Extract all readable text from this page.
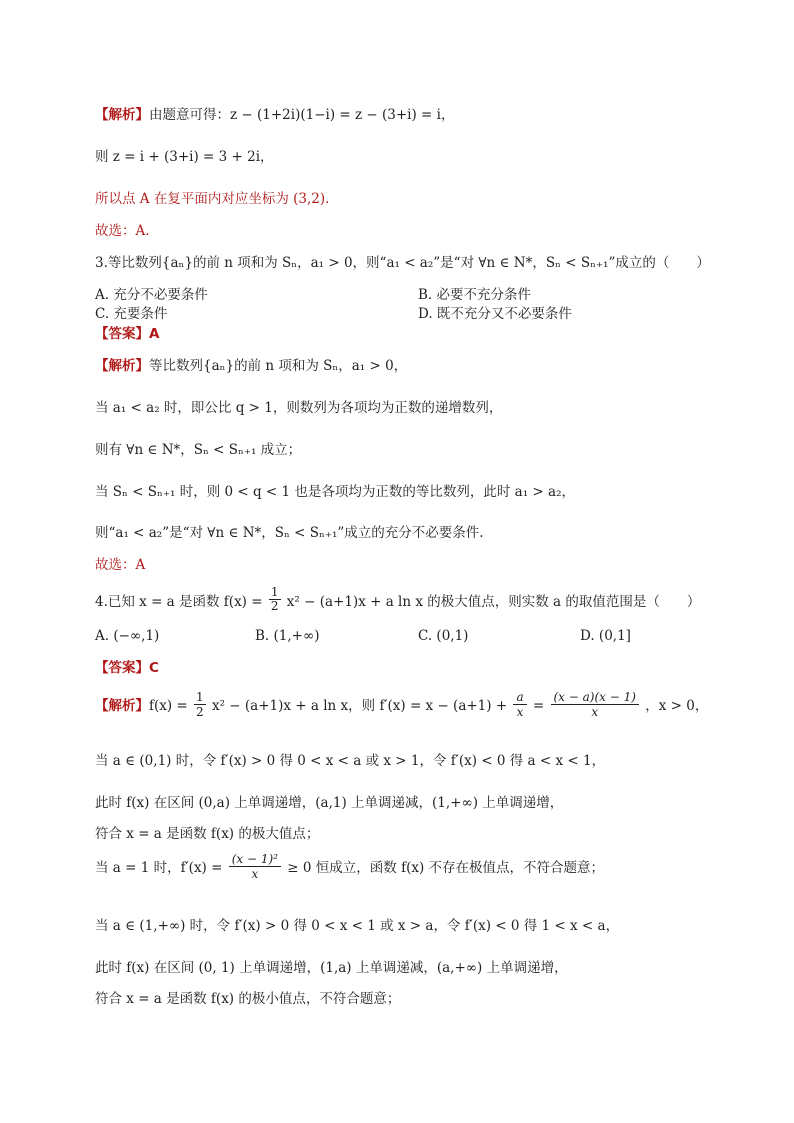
【解析】由题意可得：z − (1+2i)(1−i) = z − (3+i) = i，
则 z = i + (3+i) = 3 + 2i，
所以点 A 在复平面内对应坐标为 (3,2)．
故选：A.
3.等比数列{aₙ}的前 n 项和为 Sₙ，a₁ > 0，则“a₁ < a₂”是“对 ∀n ∈ N*，Sₙ < Sₙ₊₁”成立的（　　）
A. 充分不必要条件	B. 必要不充分条件
C. 充要条件	D. 既不充分又不必要条件
【答案】A
【解析】等比数列{aₙ}的前 n 项和为 Sₙ，a₁ > 0，
当 a₁ < a₂ 时，即公比 q > 1，则数列为各项均为正数的递增数列，
则有 ∀n ∈ N*，Sₙ < Sₙ₊₁ 成立；
当 Sₙ < Sₙ₊₁ 时，则 0 < q < 1 也是各项均为正数的等比数列，此时 a₁ > a₂，
则“a₁ < a₂”是“对 ∀n ∈ N*，Sₙ < Sₙ₊₁”成立的充分不必要条件.
故选：A
4.已知 x = a 是函数 $f(x) = \frac{1}{2} x^2 - (a+1)x + a$ ln x 的极大值点，则实数 a 的取值范围是（　　）
A. (−∞,1)	B. (1,+∞)	C. (0,1)	D. (0,1]
【答案】C
【解析】$f(x) = \frac{1}{2} x^2 - (a+1)x + a$ ln x，则 $f'(x) = x - (a+1) + \frac{a}{x} = \frac{(x - a)(x - 1)}{x}$ ，x > 0，
当 a ∈ (0,1) 时，令 f′(x) > 0 得 0 < x < a 或 x > 1，令 f′(x) < 0 得 a < x < 1，
此时 f(x) 在区间 (0,a) 上单调递增，(a,1) 上单调递减，(1,+∞) 上单调递增，
符合 x = a 是函数 f(x) 的极大值点；
当 a = 1 时，$f'(x) = \frac{\text{(x − 1)²}}{x} \ge 0$ 恒成立，函数 f(x) 不存在极值点，不符合题意；
当 a ∈ (1,+∞) 时，令 f′(x) > 0 得 0 < x < 1 或 x > a，令 f′(x) < 0 得 1 < x < a，
此时 f(x) 在区间 (0, 1) 上单调递增，(1,a) 上单调递减，(a,+∞) 上单调递增，
符合 x = a 是函数 f(x) 的极小值点，不符合题意；
